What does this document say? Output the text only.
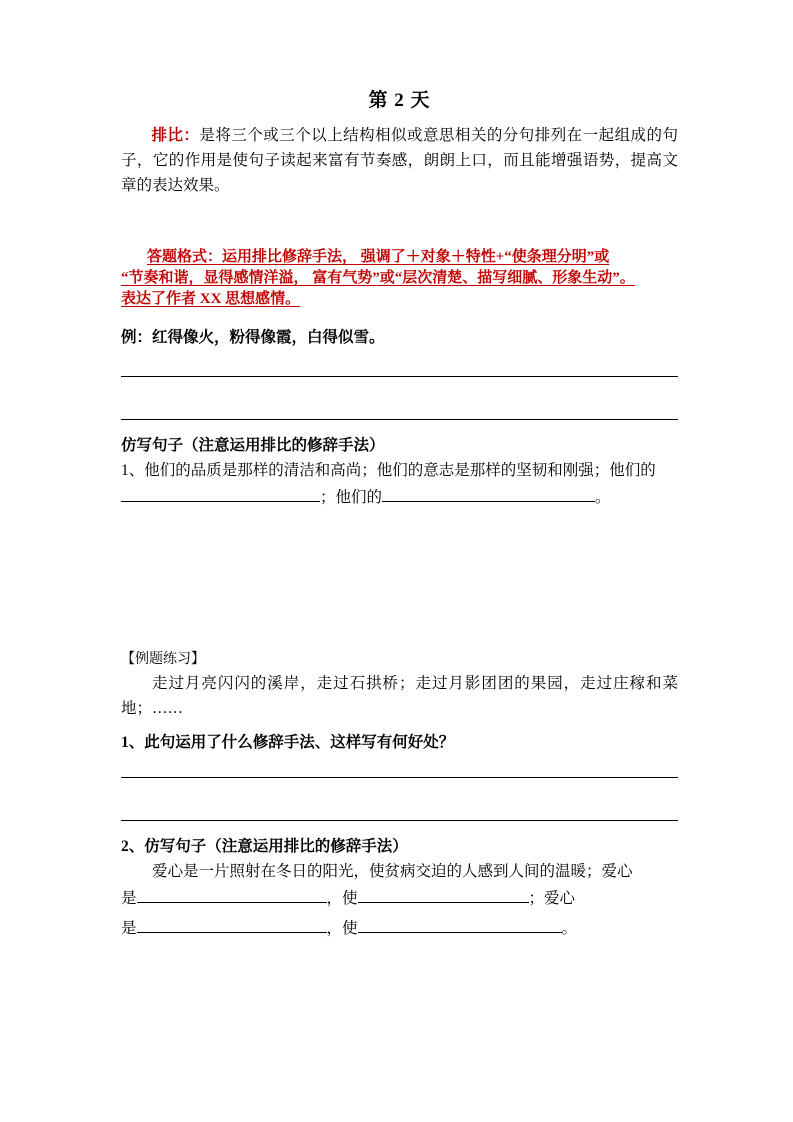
第 2 天

排比：是将三个或三个以上结构相似或意思相关的分句排列在一起组成的句子，它的作用是使句子读起来富有节奏感，朗朗上口，而且能增强语势，提高文章的表达效果。

答题格式：运用排比修辞手法， 强调了＋对象＋特性+“使条理分明”或
“节奏和谐，显得感情洋溢， 富有气势”或“层次清楚、描写细腻、形象生动”。
表达了作者 XX 思想感情。

例：红得像火，粉得像霞，白得似雪。

仿写句子（注意运用排比的修辞手法）

1、他们的品质是那样的清洁和高尚；他们的意志是那样的坚韧和刚强；他们的

；他们的	。

【例题练习】

走过月亮闪闪的溪岸，走过石拱桥；走过月影团团的果园，走过庄稼和菜地；……

1、此句运用了什么修辞手法、这样写有何好处？

2、仿写句子（注意运用排比的修辞手法）

爱心是一片照射在冬日的阳光，使贫病交迫的人感到人间的温暖；爱心

是	，使	；爱心

是	，使	。
